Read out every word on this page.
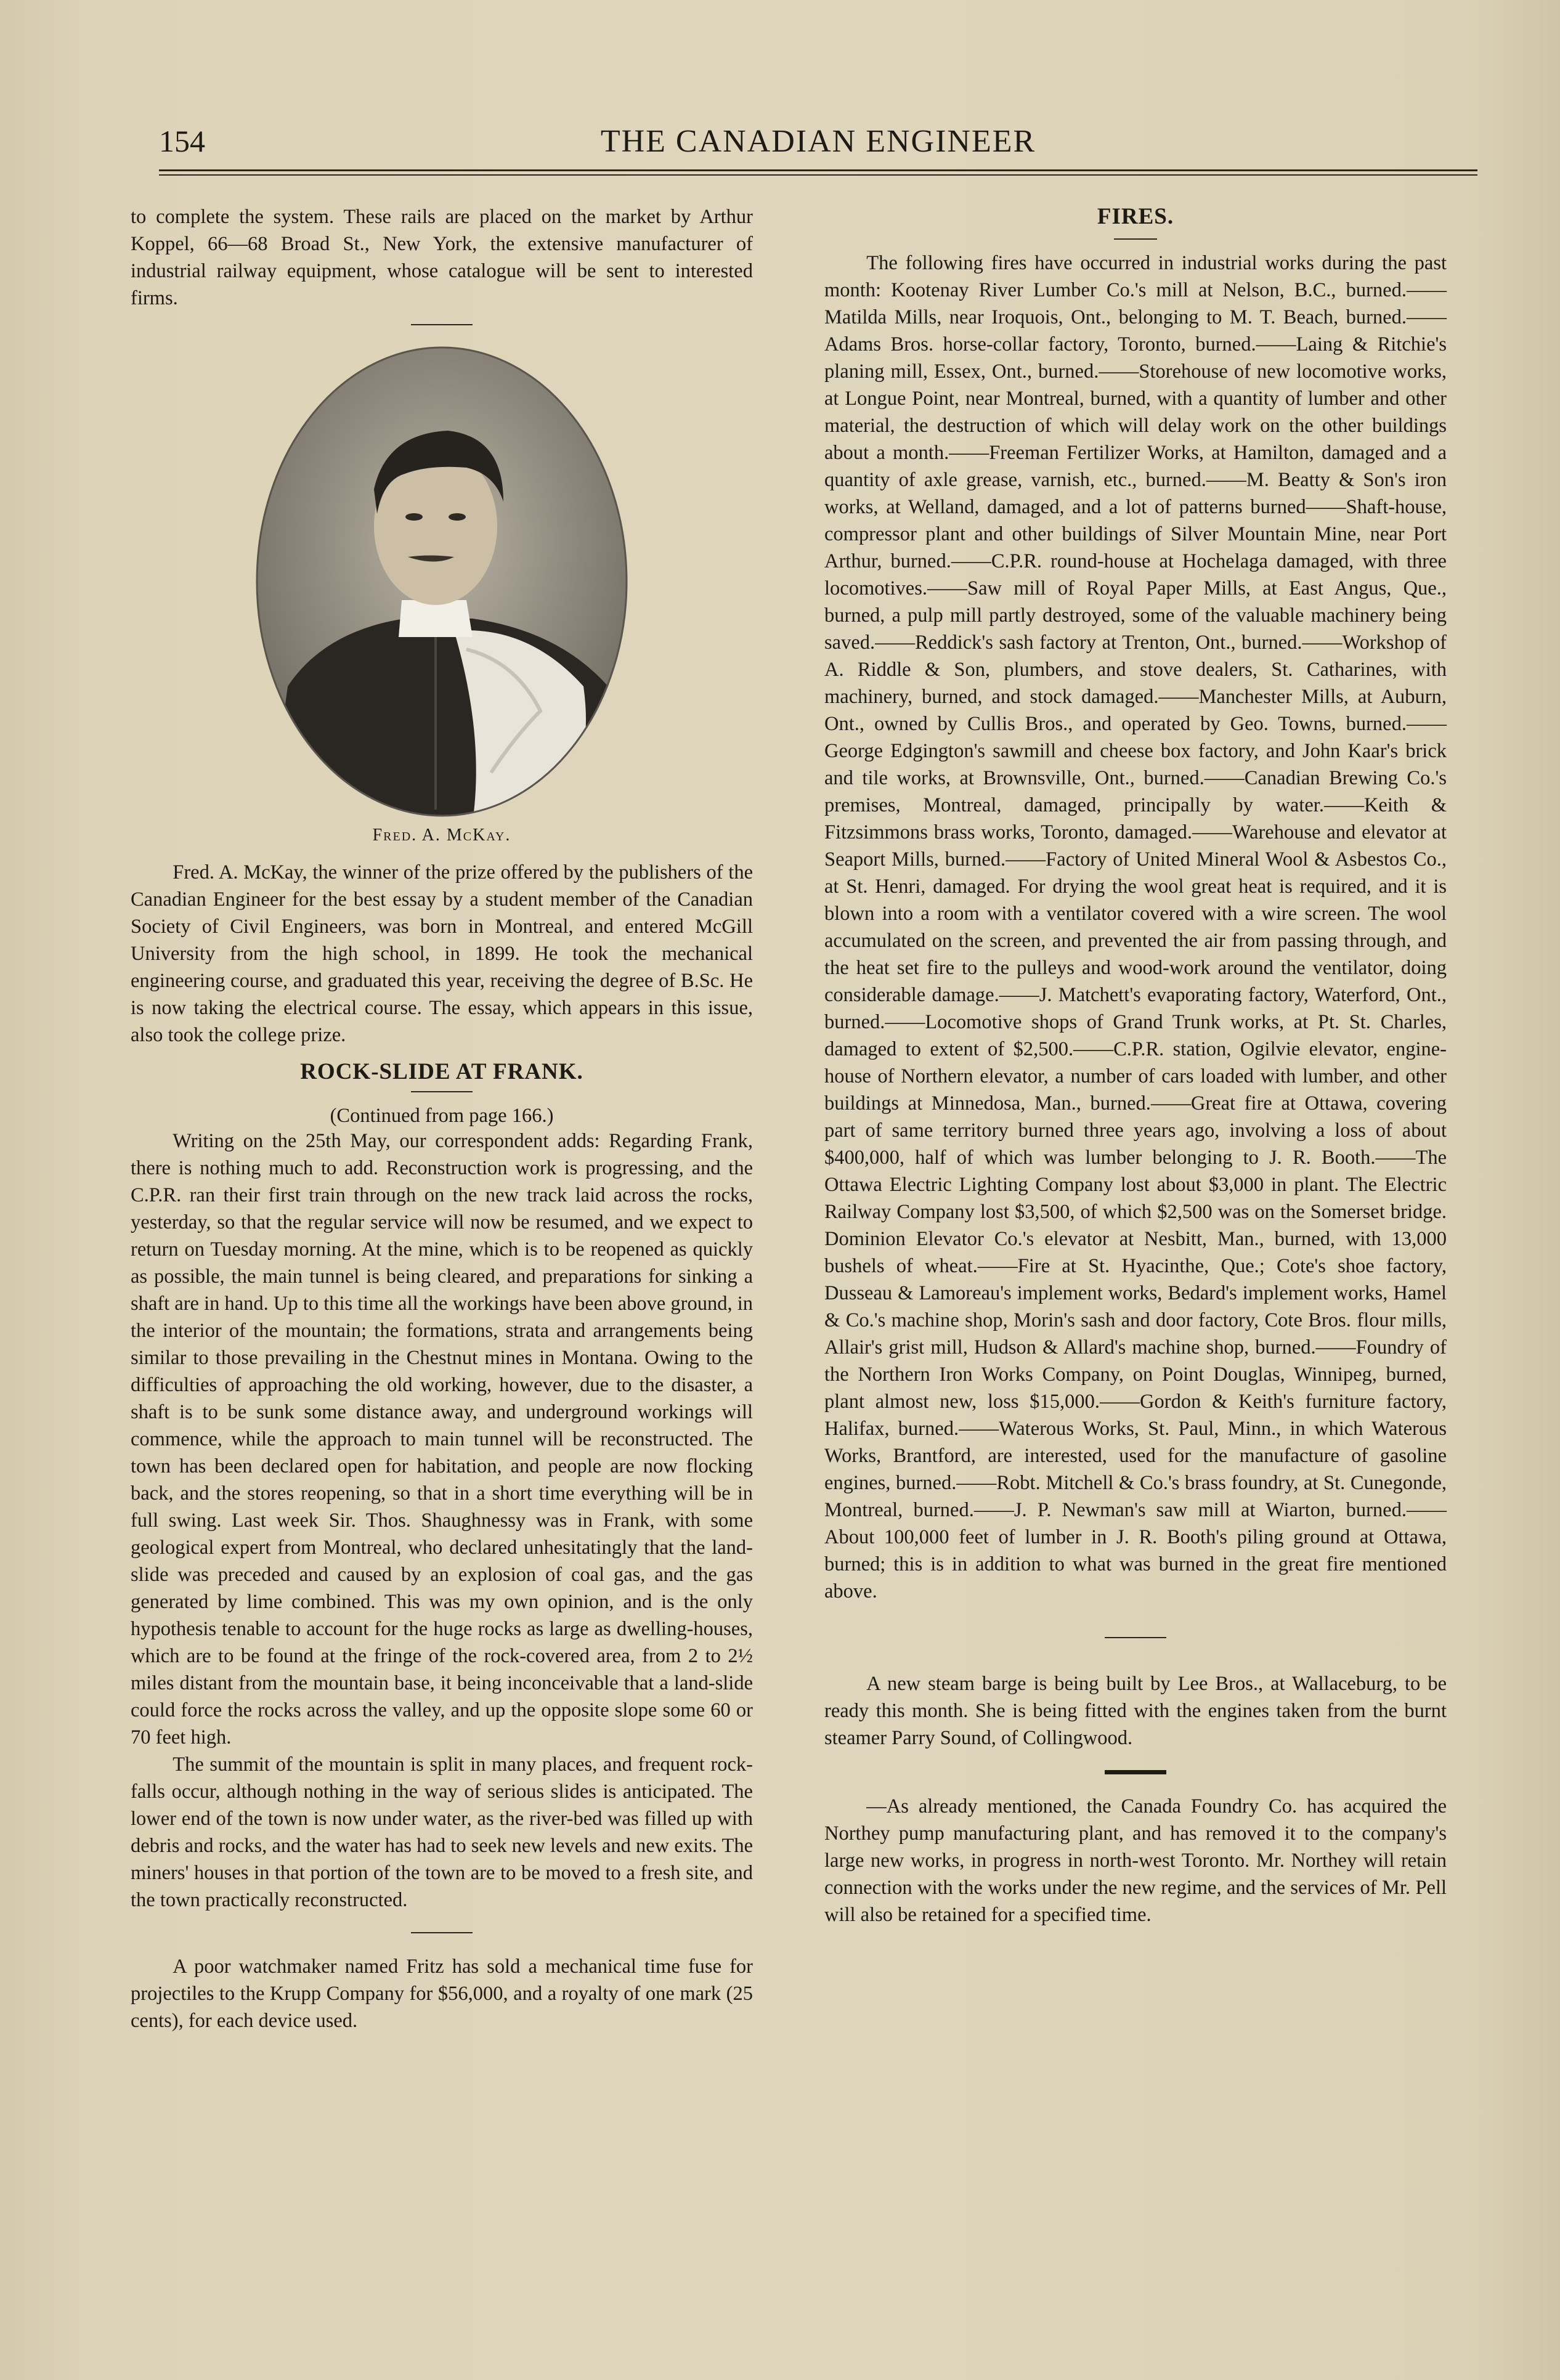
154	THE CANADIAN ENGINEER

to complete the system. These rails are placed on the market by Arthur Koppel, 66—68 Broad St., New York, the extensive manufacturer of industrial railway equipment, whose catalogue will be sent to interested firms.

Fred. A. McKay.

Fred. A. McKay, the winner of the prize offered by the publishers of the Canadian Engineer for the best essay by a student member of the Canadian Society of Civil Engineers, was born in Montreal, and entered McGill University from the high school, in 1899. He took the mechanical engineering course, and graduated this year, receiving the degree of B.Sc. He is now taking the electrical course. The essay, which appears in this issue, also took the college prize.

ROCK-SLIDE AT FRANK.
(Continued from page 166.)

Writing on the 25th May, our correspondent adds: Regarding Frank, there is nothing much to add. Reconstruction work is progressing, and the C.P.R. ran their first train through on the new track laid across the rocks, yesterday, so that the regular service will now be resumed, and we expect to return on Tuesday morning. At the mine, which is to be reopened as quickly as possible, the main tunnel is being cleared, and preparations for sinking a shaft are in hand. Up to this time all the workings have been above ground, in the interior of the mountain; the formations, strata and arrangements being similar to those prevailing in the Chestnut mines in Montana. Owing to the difficulties of approaching the old working, however, due to the disaster, a shaft is to be sunk some distance away, and underground workings will commence, while the approach to main tunnel will be reconstructed. The town has been declared open for habitation, and people are now flocking back, and the stores reopening, so that in a short time everything will be in full swing. Last week Sir. Thos. Shaughnessy was in Frank, with some geological expert from Montreal, who declared unhesitatingly that the land-slide was preceded and caused by an explosion of coal gas, and the gas generated by lime combined. This was my own opinion, and is the only hypothesis tenable to account for the huge rocks as large as dwelling-houses, which are to be found at the fringe of the rock-covered area, from 2 to 2½ miles distant from the mountain base, it being inconceivable that a land-slide could force the rocks across the valley, and up the opposite slope some 60 or 70 feet high.

The summit of the mountain is split in many places, and frequent rock-falls occur, although nothing in the way of serious slides is anticipated. The lower end of the town is now under water, as the river-bed was filled up with debris and rocks, and the water has had to seek new levels and new exits. The miners' houses in that portion of the town are to be moved to a fresh site, and the town practically reconstructed.

A poor watchmaker named Fritz has sold a mechanical time fuse for projectiles to the Krupp Company for $56,000, and a royalty of one mark (25 cents), for each device used.

FIRES.

The following fires have occurred in industrial works during the past month: Kootenay River Lumber Co.'s mill at Nelson, B.C., burned.——Matilda Mills, near Iroquois, Ont., belonging to M. T. Beach, burned.——Adams Bros. horse-collar factory, Toronto, burned.——Laing & Ritchie's planing mill, Essex, Ont., burned.——Storehouse of new locomotive works, at Longue Point, near Montreal, burned, with a quantity of lumber and other material, the destruction of which will delay work on the other buildings about a month.——Freeman Fertilizer Works, at Hamilton, damaged and a quantity of axle grease, varnish, etc., burned.——M. Beatty & Son's iron works, at Welland, damaged, and a lot of patterns burned——Shaft-house, compressor plant and other buildings of Silver Mountain Mine, near Port Arthur, burned.——C.P.R. round-house at Hochelaga damaged, with three locomotives.——Saw mill of Royal Paper Mills, at East Angus, Que., burned, a pulp mill partly destroyed, some of the valuable machinery being saved.——Reddick's sash factory at Trenton, Ont., burned.——Workshop of A. Riddle & Son, plumbers, and stove dealers, St. Catharines, with machinery, burned, and stock damaged.——Manchester Mills, at Auburn, Ont., owned by Cullis Bros., and operated by Geo. Towns, burned.——George Edgington's sawmill and cheese box factory, and John Kaar's brick and tile works, at Brownsville, Ont., burned.——Canadian Brewing Co.'s premises, Montreal, damaged, principally by water.——Keith & Fitzsimmons brass works, Toronto, damaged.——Warehouse and elevator at Seaport Mills, burned.——Factory of United Mineral Wool & Asbestos Co., at St. Henri, damaged. For drying the wool great heat is required, and it is blown into a room with a ventilator covered with a wire screen. The wool accumulated on the screen, and prevented the air from passing through, and the heat set fire to the pulleys and wood-work around the ventilator, doing considerable damage.——J. Matchett's evaporating factory, Waterford, Ont., burned.——Locomotive shops of Grand Trunk works, at Pt. St. Charles, damaged to extent of $2,500.——C.P.R. station, Ogilvie elevator, engine-house of Northern elevator, a number of cars loaded with lumber, and other buildings at Minnedosa, Man., burned.——Great fire at Ottawa, covering part of same territory burned three years ago, involving a loss of about $400,000, half of which was lumber belonging to J. R. Booth.——The Ottawa Electric Lighting Company lost about $3,000 in plant. The Electric Railway Company lost $3,500, of which $2,500 was on the Somerset bridge. Dominion Elevator Co.'s elevator at Nesbitt, Man., burned, with 13,000 bushels of wheat.——Fire at St. Hyacinthe, Que.; Cote's shoe factory, Dusseau & Lamoreau's implement works, Bedard's implement works, Hamel & Co.'s machine shop, Morin's sash and door factory, Cote Bros. flour mills, Allair's grist mill, Hudson & Allard's machine shop, burned.——Foundry of the Northern Iron Works Company, on Point Douglas, Winnipeg, burned, plant almost new, loss $15,000.——Gordon & Keith's furniture factory, Halifax, burned.——Waterous Works, St. Paul, Minn., in which Waterous Works, Brantford, are interested, used for the manufacture of gasoline engines, burned.——Robt. Mitchell & Co.'s brass foundry, at St. Cunegonde, Montreal, burned.——J. P. Newman's saw mill at Wiarton, burned.——About 100,000 feet of lumber in J. R. Booth's piling ground at Ottawa, burned; this is in addition to what was burned in the great fire mentioned above.

A new steam barge is being built by Lee Bros., at Wallaceburg, to be ready this month. She is being fitted with the engines taken from the burnt steamer Parry Sound, of Collingwood.

—As already mentioned, the Canada Foundry Co. has acquired the Northey pump manufacturing plant, and has removed it to the company's large new works, in progress in north-west Toronto. Mr. Northey will retain connection with the works under the new regime, and the services of Mr. Pell will also be retained for a specified time.
